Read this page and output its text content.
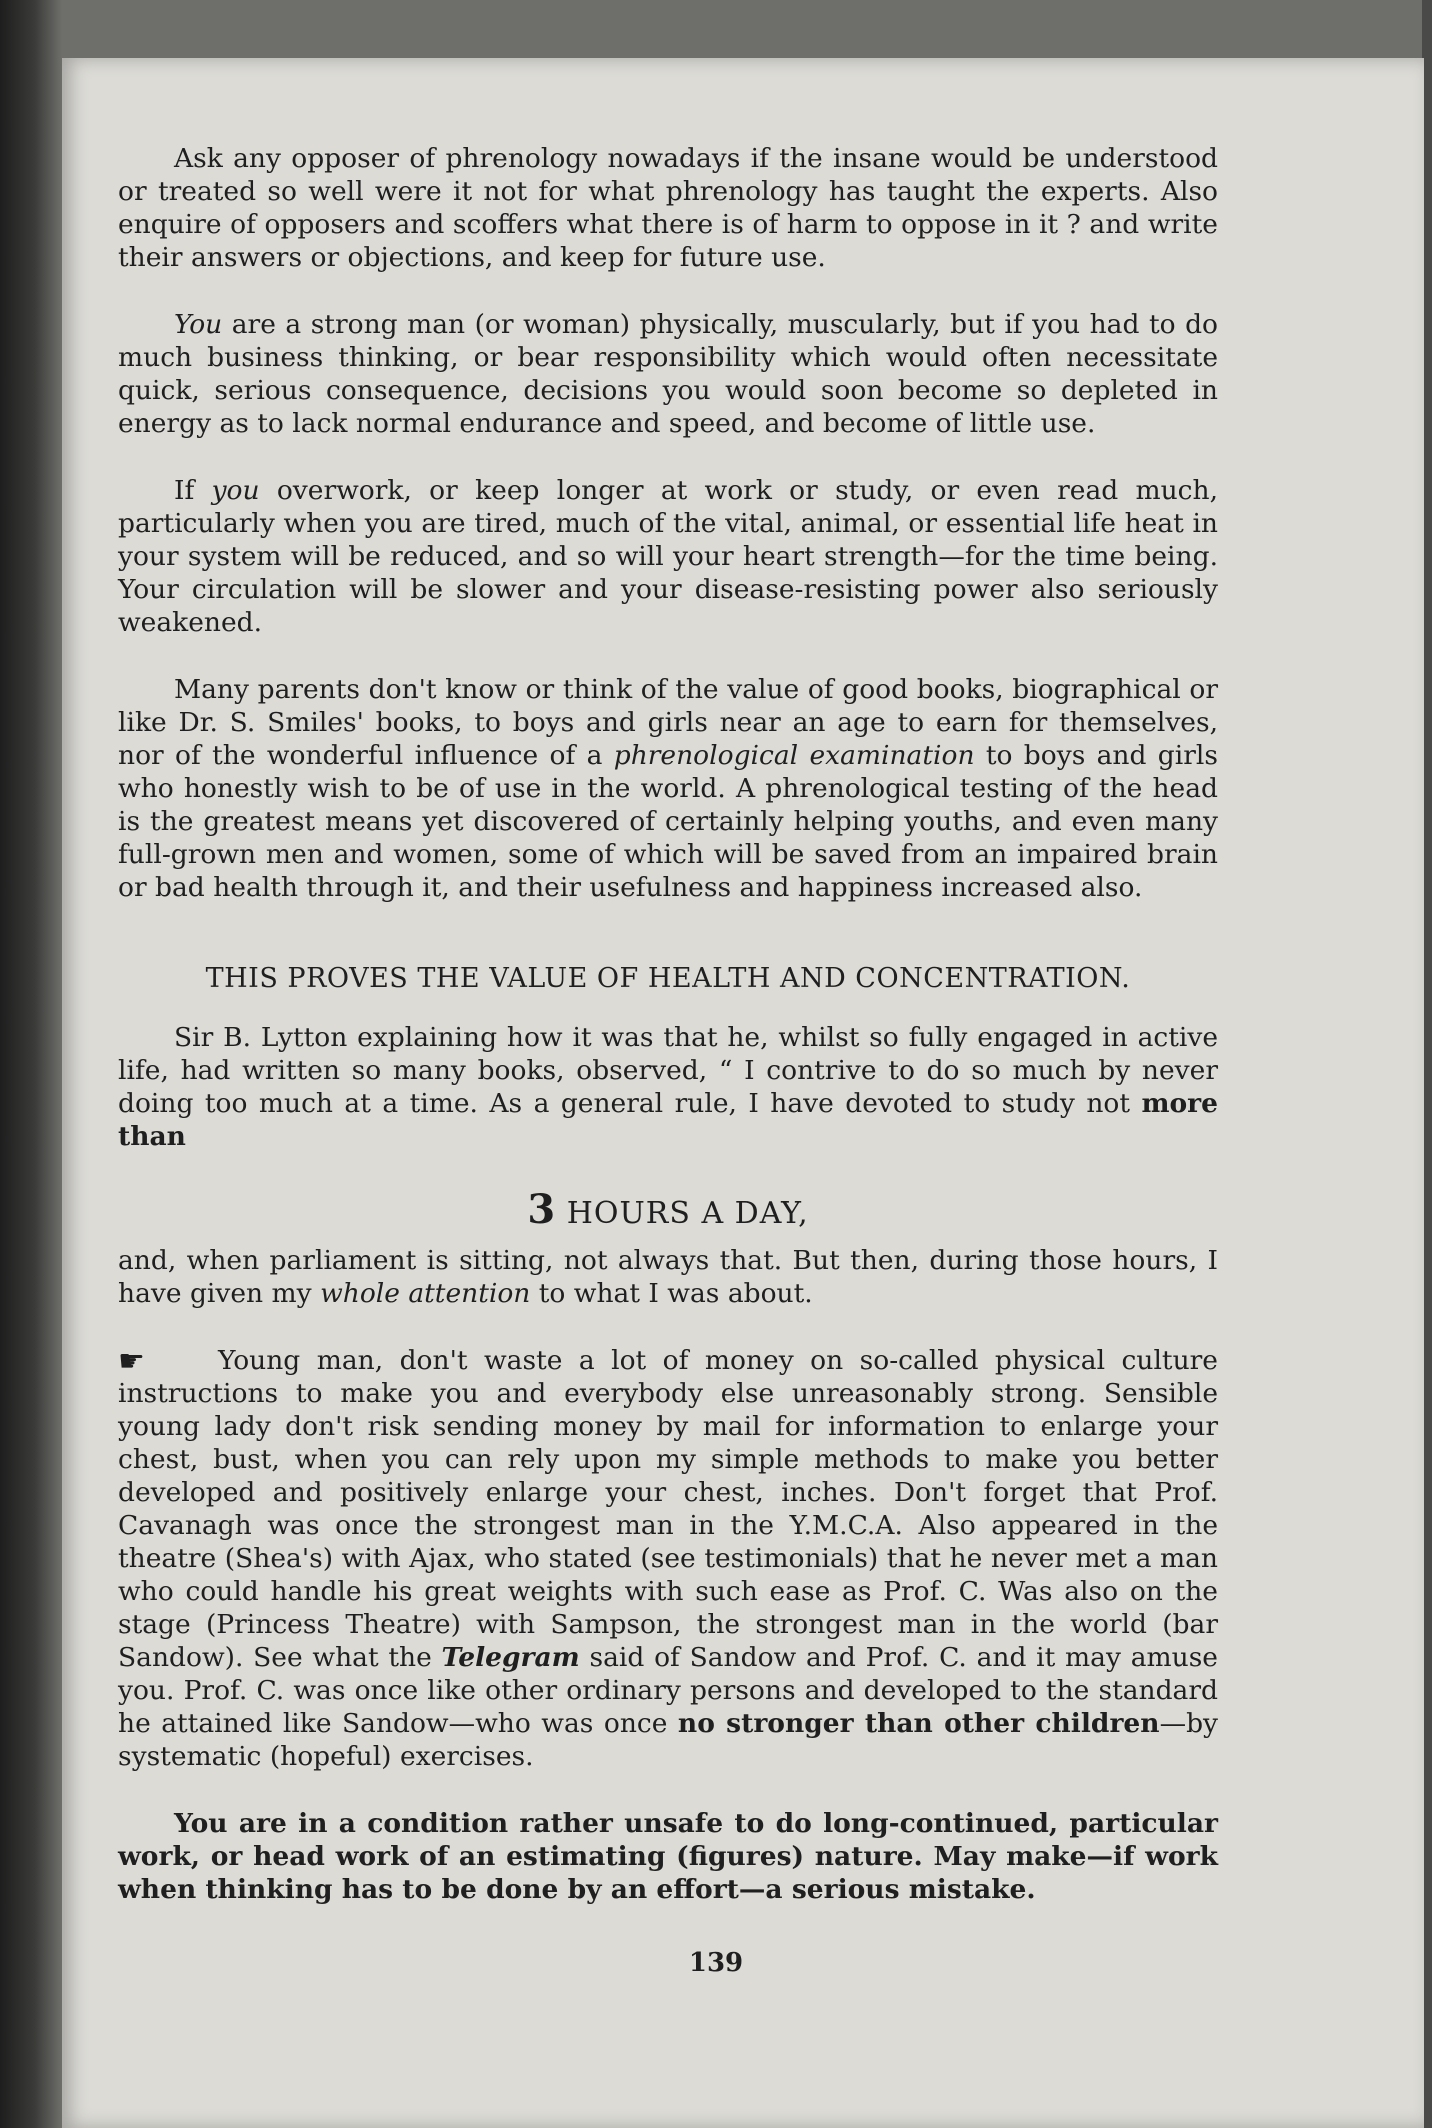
Ask any opposer of phrenology nowadays if the insane would be understood or treated so well were it not for what phrenology has taught the experts. Also enquire of opposers and scoffers what there is of harm to oppose in it ? and write their answers or objections, and keep for future use.

You are a strong man (or woman) physically, muscularly, but if you had to do much business thinking, or bear responsibility which would often necessitate quick, serious consequence, decisions you would soon become so depleted in energy as to lack normal endurance and speed, and become of little use.

If you overwork, or keep longer at work or study, or even read much, particularly when you are tired, much of the vital, animal, or essential life heat in your system will be reduced, and so will your heart strength—for the time being. Your circulation will be slower and your disease-resisting power also seriously weakened.

Many parents don't know or think of the value of good books, biographical or like Dr. S. Smiles' books, to boys and girls near an age to earn for themselves, nor of the wonderful influence of a phrenological examination to boys and girls who honestly wish to be of use in the world. A phrenological testing of the head is the greatest means yet discovered of certainly helping youths, and even many full-grown men and women, some of which will be saved from an impaired brain or bad health through it, and their usefulness and happiness increased also.

THIS PROVES THE VALUE OF HEALTH AND CONCENTRATION.

Sir B. Lytton explaining how it was that he, whilst so fully engaged in active life, had written so many books, observed, “ I contrive to do so much by never doing too much at a time. As a general rule, I have devoted to study not more than

3 HOURS A DAY,

and, when parliament is sitting, not always that. But then, during those hours, I have given my whole attention to what I was about.

☛	Young man, don't waste a lot of money on so-called physical culture instructions to make you and everybody else unreasonably strong. Sensible young lady don't risk sending money by mail for information to enlarge your chest, bust, when you can rely upon my simple methods to make you better developed and positively enlarge your chest, inches. Don't forget that Prof. Cavanagh was once the strongest man in the Y.M.C.A. Also appeared in the theatre (Shea's) with Ajax, who stated (see testimonials) that he never met a man who could handle his great weights with such ease as Prof. C. Was also on the stage (Princess Theatre) with Sampson, the strongest man in the world (bar Sandow). See what the Telegram said of Sandow and Prof. C. and it may amuse you. Prof. C. was once like other ordinary persons and developed to the standard he attained like Sandow—who was once no stronger than other children—by systematic (hopeful) exercises.

You are in a condition rather unsafe to do long-continued, particular work, or head work of an estimating (figures) nature. May make—if work when thinking has to be done by an effort—a serious mistake.

139
